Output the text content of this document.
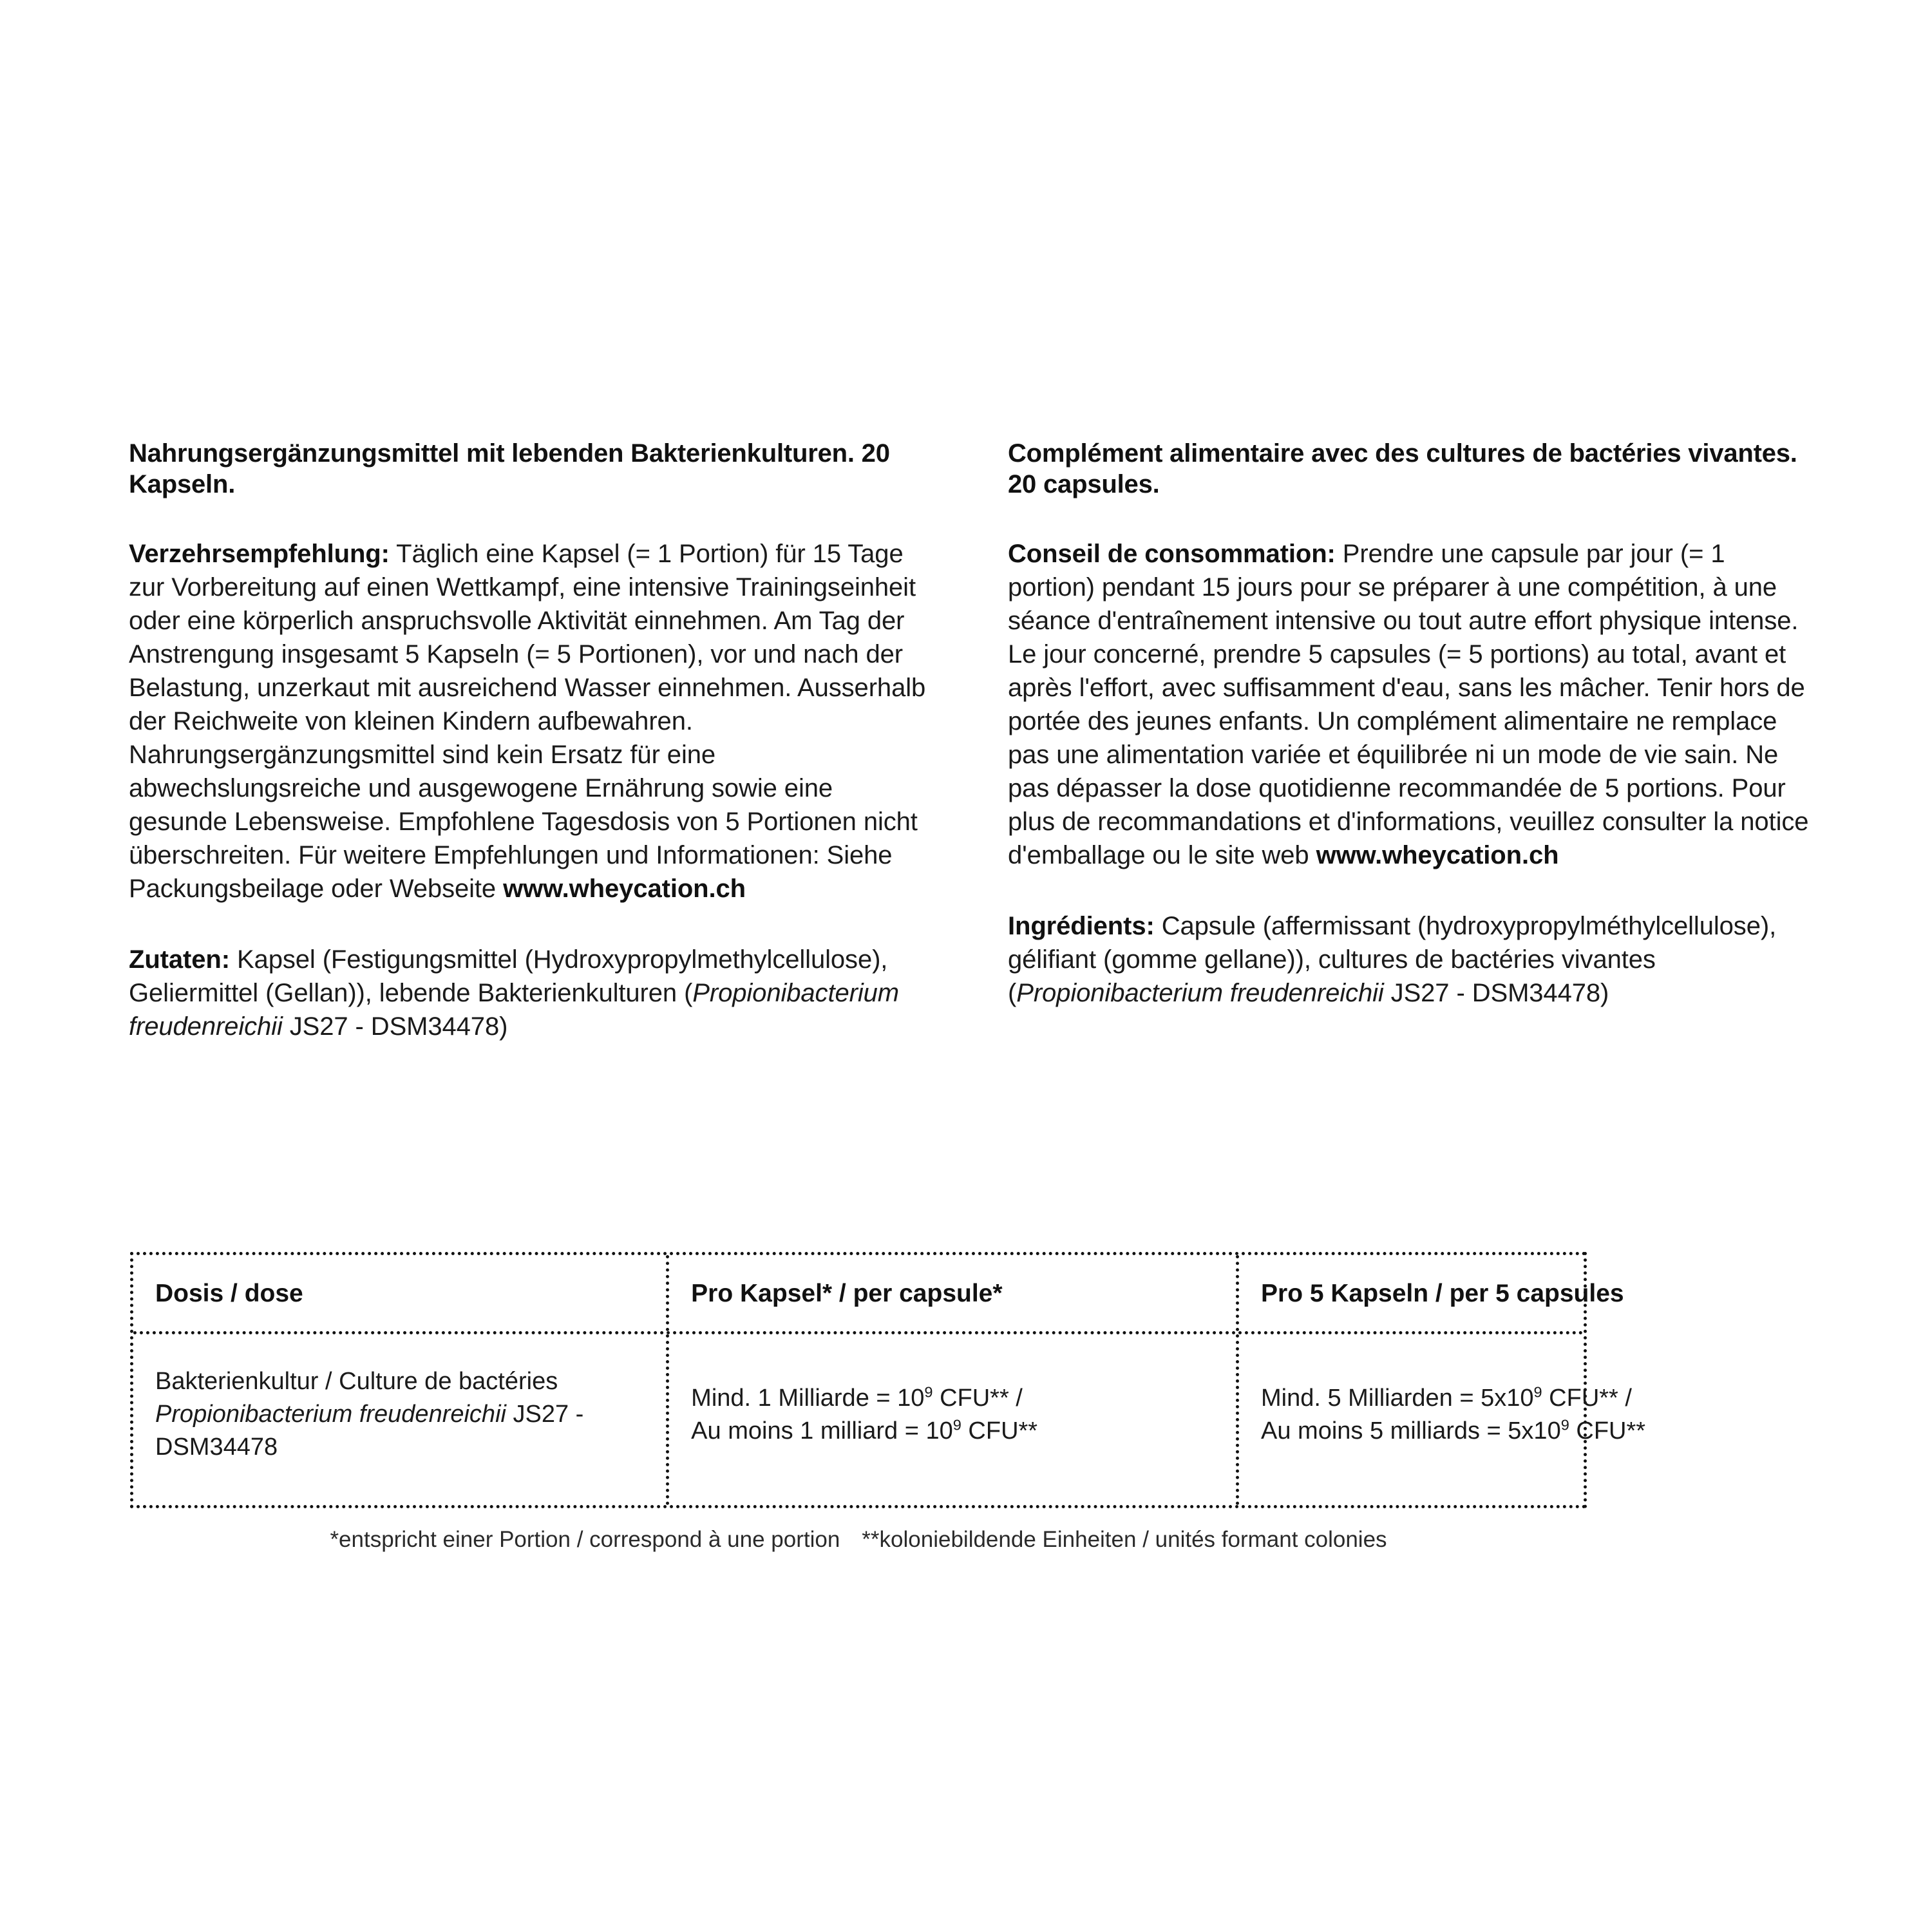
Nahrungsergänzungsmittel mit lebenden Bakterienkulturen. 20 Kapseln.

Verzehrsempfehlung: Täglich eine Kapsel (= 1 Portion) für 15 Tage zur Vorbereitung auf einen Wettkampf, eine intensive Trainingseinheit oder eine körperlich anspruchsvolle Aktivität einnehmen. Am Tag der Anstrengung insgesamt 5 Kapseln (= 5 Portionen), vor und nach der Belastung, unzerkaut mit ausreichend Wasser einnehmen. Ausserhalb der Reichweite von kleinen Kindern aufbewahren. Nahrungsergänzungsmittel sind kein Ersatz für eine abwechslungsreiche und ausgewogene Ernährung sowie eine gesunde Lebensweise. Empfohlene Tagesdosis von 5 Portionen nicht überschreiten. Für weitere Empfehlungen und Informationen: Siehe Packungsbeilage oder Webseite www.wheycation.ch

Zutaten: Kapsel (Festigungsmittel (Hydroxypropylmethylcellulose), Geliermittel (Gellan)), lebende Bakterienkulturen (Propionibacterium freudenreichii JS27 - DSM34478)

Complément alimentaire avec des cultures de bactéries vivantes. 20 capsules.

Conseil de consommation: Prendre une capsule par jour (= 1 portion) pendant 15 jours pour se préparer à une compétition, à une séance d'entraînement intensive ou tout autre effort physique intense. Le jour concerné, prendre 5 capsules (= 5 portions) au total, avant et après l'effort, avec suffisamment d'eau, sans les mâcher. Tenir hors de portée des jeunes enfants. Un complément alimentaire ne remplace pas une alimentation variée et équilibrée ni un mode de vie sain. Ne pas dépasser la dose quotidienne recommandée de 5 portions. Pour plus de recommandations et d'informations, veuillez consulter la notice d'emballage ou le site web www.wheycation.ch

Ingrédients: Capsule (affermissant (hydroxypropylméthylcellulose), gélifiant (gomme gellane)), cultures de bactéries vivantes (Propionibacterium freudenreichii JS27 - DSM34478)

Dosis / dose	Pro Kapsel* / per capsule*	Pro 5 Kapseln / per 5 capsules
Bakterienkultur / Culture de bactéries Propionibacterium freudenreichii JS27 - DSM34478
Mind. 1 Milliarde = $10^9$ CFU** /
Au moins 1 milliard = $10^9$ CFU**
Mind. 5 Milliarden = $5x10^9$ CFU** /
Au moins 5 milliards = $5x10^9$ CFU**
*entspricht einer Portion / correspond à une portion **koloniebildende Einheiten / unités formant colonies
